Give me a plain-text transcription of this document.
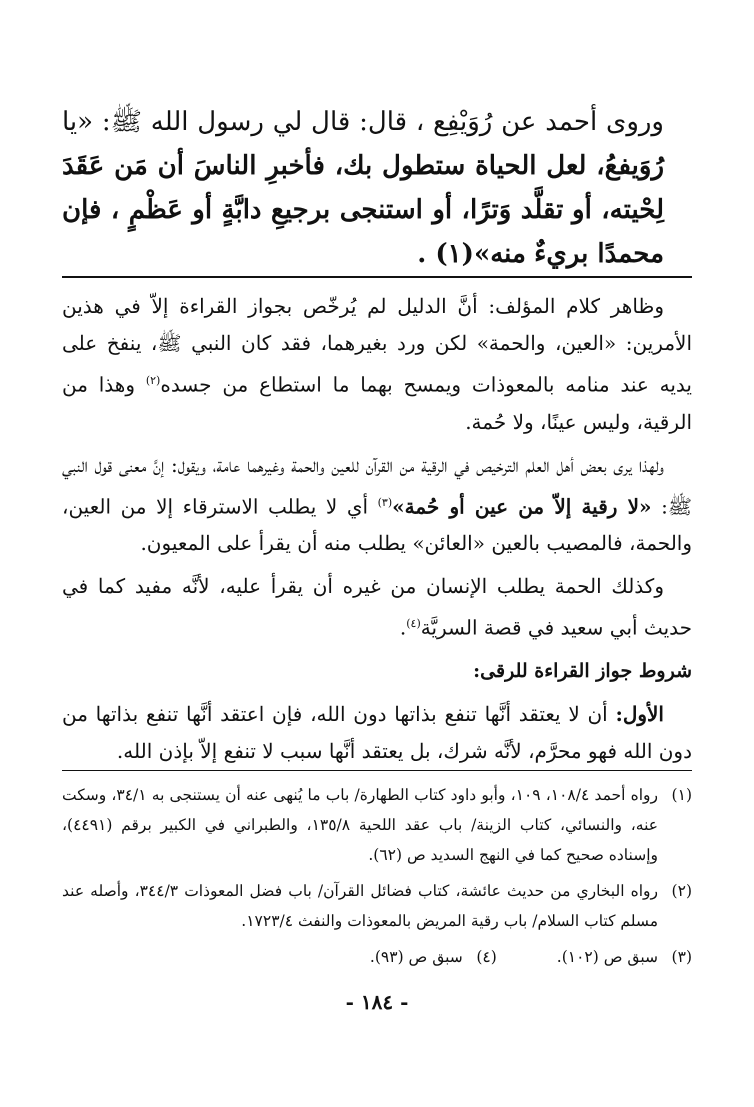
وروى أحمد عن رُوَيْفِع ، قال: قال لي رسول الله ﷺ: «يا رُوَيفعُ، لعل الحياة ستطول بك، فأخبرِ الناسَ أن مَن عَقَدَ لِحْيته، أو تقلَّد وَترًا، أو استنجى برجيعِ دابَّةٍ أو عَظْمٍ ، فإن محمدًا بريءٌ منه»(١) .

وظاهر كلام المؤلف: أنَّ الدليل لم يُرخّص بجواز القراءة إلاّ في هذين الأمرين: «العين، والحمة» لكن ورد بغيرهما، فقد كان النبي ﷺ، ينفخ على يديه عند منامه بالمعوذات ويمسح بهما ما استطاع من جسده$^{(٢)}$ وهذا من الرقية، وليس عينًا، ولا حُمة.

ولهذا يرى بعض أهل العلم الترخيص في الرقية من القرآن للعين والحمة وغيرهما عامة، ويقول: إنَّ معنى قول النبي ﷺ: «لا رقية إلاّ من عين أو حُمة»$^{(٣)}$ أي لا يطلب الاسترقاء إلا من العين، والحمة، فالمصيب بالعين «العائن» يطلب منه أن يقرأ على المعيون.

وكذلك الحمة يطلب الإنسان من غيره أن يقرأ عليه، لأنَّه مفيد كما في حديث أبي سعيد في قصة السريَّة$^{(٤)}$.

شروط جواز القراءة للرقى:

الأول: أن لا يعتقد أنَّها تنفع بذاتها دون الله، فإن اعتقد أنَّها تنفع بذاتها من دون الله فهو محرَّم، لأنَّه شرك، بل يعتقد أنَّها سبب لا تنفع إلاّ بإذن الله.

(١)
رواه أحمد ١٠٨/٤، ١٠٩، وأبو داود كتاب الطهارة/ باب ما يُنهى عنه أن يستنجى به ٣٤/١، وسكت عنه، والنسائي، كتاب الزينة/ باب عقد اللحية ١٣٥/٨، والطبراني في الكبير برقم (٤٤٩١)، وإسناده صحيح كما في النهج السديد ص (٦٢).
(٢)
رواه البخاري من حديث عائشة، كتاب فضائل القرآن/ باب فضل المعوذات ٣٤٤/٣، وأصله عند مسلم كتاب السلام/ باب رقية المريض بالمعوذات والنفث ١٧٢٣/٤.
(٣)
سبق ص (١٠٢).
(٤)
سبق ص (٩٣).
- ١٨٤ -
